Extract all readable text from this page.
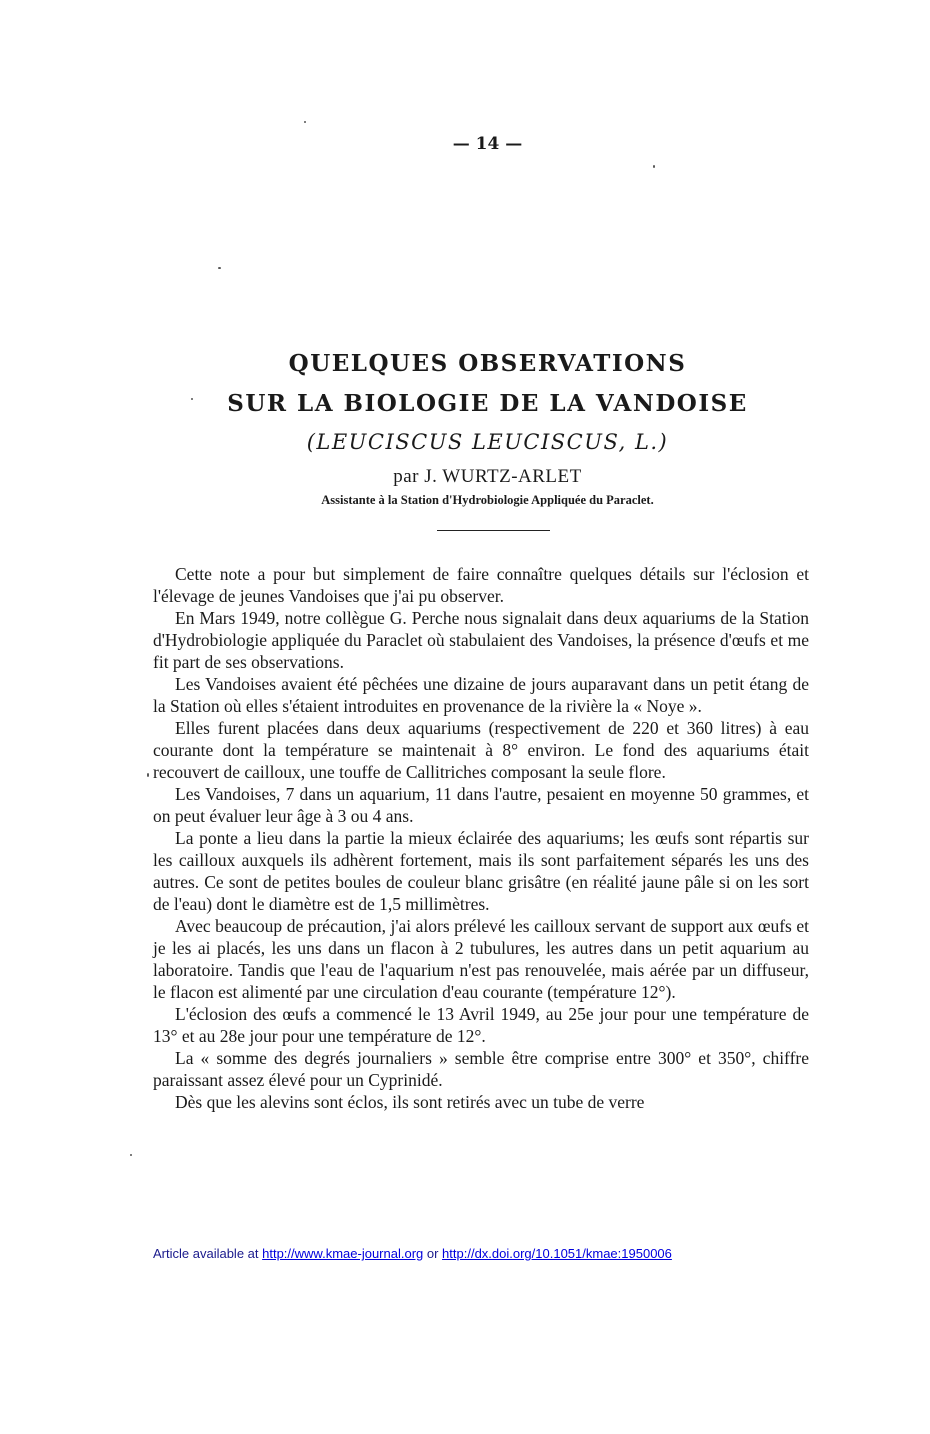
— 14 —
QUELQUES OBSERVATIONS
SUR LA BIOLOGIE DE LA VANDOISE
(LEUCISCUS LEUCISCUS, L.)
par J. WURTZ-ARLET
Assistante à la Station d'Hydrobiologie Appliquée du Paraclet.

Cette note a pour but simplement de faire connaître quelques détails sur l'éclosion et l'élevage de jeunes Vandoises que j'ai pu observer.

En Mars 1949, notre collègue G. Perche nous signalait dans deux aquariums de la Station d'Hydrobiologie appliquée du Paraclet où stabulaient des Vandoises, la présence d'œufs et me fit part de ses observations.

Les Vandoises avaient été pêchées une dizaine de jours auparavant dans un petit étang de la Station où elles s'étaient introduites en provenance de la rivière la « Noye ».

Elles furent placées dans deux aquariums (respectivement de 220 et 360 litres) à eau courante dont la température se maintenait à 8° environ. Le fond des aquariums était recouvert de cailloux, une touffe de Callitriches composant la seule flore.

Les Vandoises, 7 dans un aquarium, 11 dans l'autre, pesaient en moyenne 50 grammes, et on peut évaluer leur âge à 3 ou 4 ans.

La ponte a lieu dans la partie la mieux éclairée des aquariums; les œufs sont répartis sur les cailloux auxquels ils adhèrent fortement, mais ils sont parfaitement séparés les uns des autres. Ce sont de petites boules de couleur blanc grisâtre (en réalité jaune pâle si on les sort de l'eau) dont le diamètre est de 1,5 millimètres.

Avec beaucoup de précaution, j'ai alors prélevé les cailloux servant de support aux œufs et je les ai placés, les uns dans un flacon à 2 tubulures, les autres dans un petit aquarium au laboratoire. Tandis que l'eau de l'aquarium n'est pas renouvelée, mais aérée par un diffuseur, le flacon est alimenté par une circulation d'eau courante (température 12°).

L'éclosion des œufs a commencé le 13 Avril 1949, au 25e jour pour une température de 13° et au 28e jour pour une température de 12°.

La « somme des degrés journaliers » semble être comprise entre 300° et 350°, chiffre paraissant assez élevé pour un Cyprinidé.

Dès que les alevins sont éclos, ils sont retirés avec un tube de verre

Article available at http://www.kmae-journal.org or http://dx.doi.org/10.1051/kmae:1950006
